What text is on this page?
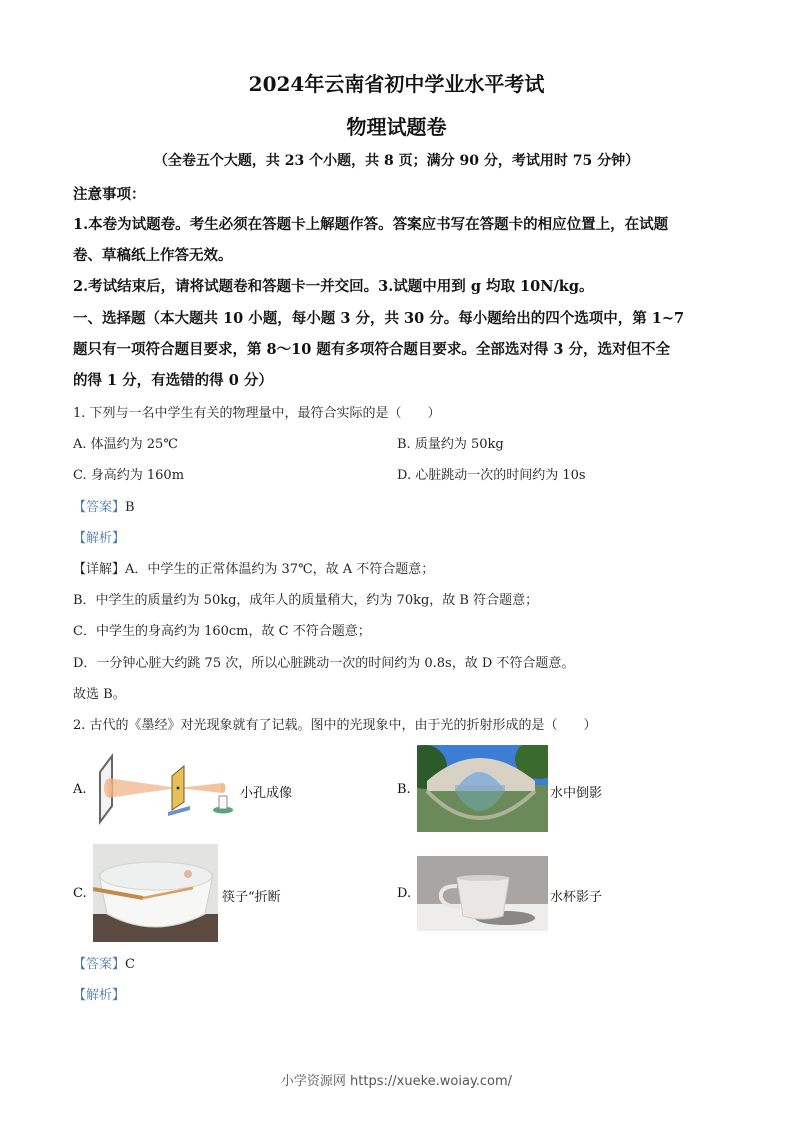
2024年云南省初中学业水平考试
物理试题卷
（全卷五个大题，共 23 个小题，共 8 页；满分 90 分，考试用时 75 分钟）
注意事项：
1.本卷为试题卷。考生必须在答题卡上解题作答。答案应书写在答题卡的相应位置上，在试题
卷、草稿纸上作答无效。
2.考试结束后，请将试题卷和答题卡一并交回。3.试题中用到 g 均取 10N/kg。
一、选择题（本大题共 10 小题，每小题 3 分，共 30 分。每小题给出的四个选项中，第 1~7
题只有一项符合题目要求，第 8～10 题有多项符合题目要求。全部选对得 3 分，选对但不全
的得 1 分，有选错的得 0 分）
1. 下列与一名中学生有关的物理量中，最符合实际的是（　　）
A. 体温约为 25℃	B. 质量约为 50kg
C. 身高约为 160m	D. 心脏跳动一次的时间约为 10s
【答案】B
【解析】
【详解】A．中学生的正常体温约为 37℃，故 A 不符合题意；
B．中学生的质量约为 50kg，成年人的质量稍大，约为 70kg，故 B 符合题意；
C．中学生的身高约为 160cm，故 C 不符合题意；
D．一分钟心脏大约跳 75 次，所以心脏跳动一次的时间约为 0.8s，故 D 不符合题意。
故选 B。
2. 古代的《墨经》对光现象就有了记载。图中的光现象中，由于光的折射形成的是（　　）
A.	小孔成像	B.	水中倒影
C.	筷子“折断	D.	水杯影子
【答案】C
【解析】
小学资源网 https://xueke.woiay.com/
